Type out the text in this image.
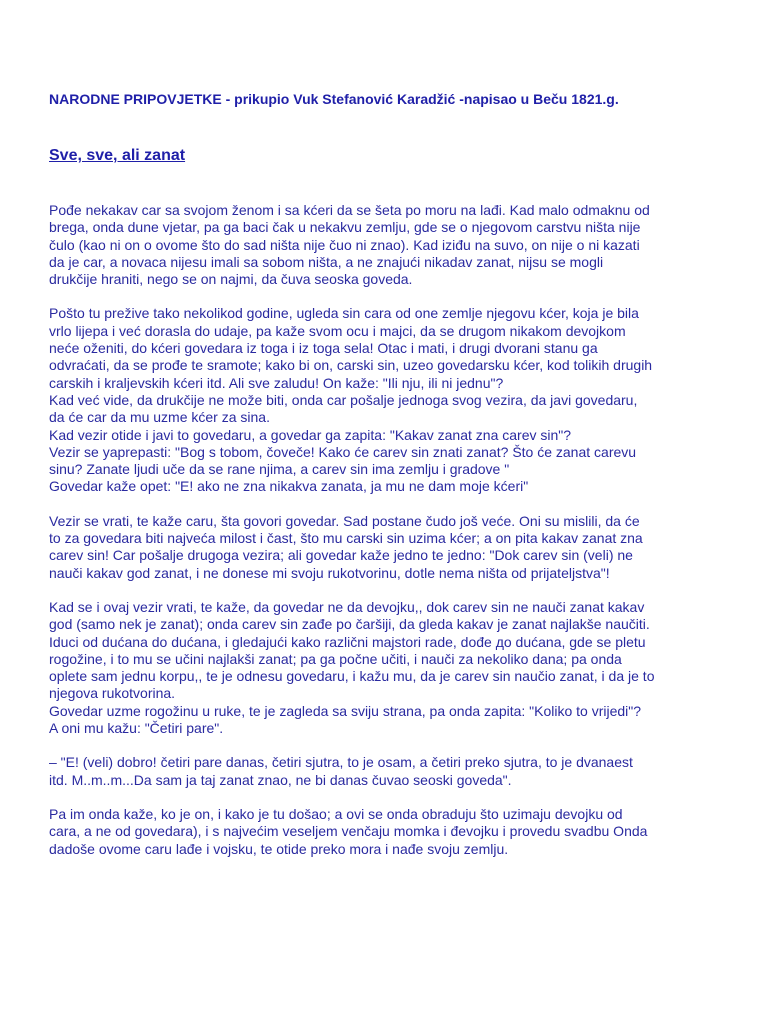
NARODNE PRIPOVJETKE - prikupio Vuk Stefanović Karadžić -napisao u Beču 1821.g.
Sve, sve, ali zanat
Pođe nekakav car sa svojom ženom i sa kćeri da se šeta po moru na lađi. Kad malo odmaknu od
brega, onda dune vjetar, pa ga baci čak u nekakvu zemlju, gde se o njegovom carstvu ništa nije
čulo (kao ni on o ovome što do sad ništa nije čuo ni znao). Kad iziđu na suvo, on nije o ni kazati
da je car, a novaca nijesu imali sa sobom ništa, a ne znajući nikadav zanat, nijsu se mogli
drukčije hraniti, nego se on najmi, da čuva seoska goveda.
Pošto tu prežive tako nekolikod godine, ugleda sin cara od one zemlje njegovu kćer, koja je bila
vrlo lijepa i već dorasla do udaje, pa kaže svom ocu i majci, da se drugom nikakom devojkom
neće oženiti, do kćeri govedara iz toga i iz toga sela! Otac i mati, i drugi dvorani stanu ga
odvraćati, da se prođe te sramote; kako bi on, carski sin, uzeo govedarsku kćer, kod tolikih drugih
carskih i kraljevskih kćeri itd. Ali sve zaludu! On kaže: "Ili nju, ili ni jednu"?
Kad već vide, da drukčije ne može biti, onda car pošalje jednoga svog vezira, da javi govedaru,
da će car da mu uzme kćer za sina.
Kad vezir otide i javi to govedaru, a govedar ga zapita: "Kakav zanat zna carev sin"?
Vezir se yaprepasti: "Bog s tobom, čoveče! Kako će carev sin znati zanat? Što će zanat carevu
sinu? Zanate ljudi uče da se rane njima, a carev sin ima zemlju i gradove "
Govedar kaže opet: "E! ako ne zna nikakva zanata, ja mu ne dam moje kćeri"
Vezir se vrati, te kaže caru, šta govori govedar. Sad postane čudo još veće. Oni su mislili, da će
to za govedara biti najveća milost i čast, što mu carski sin uzima kćer; a on pita kakav zanat zna
carev sin! Car pošalje drugoga vezira; ali govedar kaže jedno te jedno: "Dok carev sin (veli) ne
nauči kakav god zanat, i ne donese mi svoju rukotvorinu, dotle nema ništa od prijateljstva"!
Kad se i ovaj vezir vrati, te kaže, da govedar ne da devojku,, dok carev sin ne nauči zanat kakav
god (samo nek je zanat); onda carev sin zađe po čaršiji, da gleda kakav je zanat najlakše naučiti.
Iduci od dućana do dućana, i gledajući kako različni majstori rade, dođe до dućana, gde se pletu
rogožine, i to mu se učini najlakši zanat; pa ga počne učiti, i nauči za nekoliko dana; pa onda
oplete sam jednu korpu,, te je odnesu govedaru, i kažu mu, da je carev sin naučio zanat, i da je to
njegova rukotvorina.
Govedar uzme rogožinu u ruke, te je zagleda sa sviju strana, pa onda zapita: "Koliko to vrijedi"?
A oni mu kažu: "Četiri pare".
– "E! (veli) dobro! četiri pare danas, četiri sjutra, to je osam, a četiri preko sjutra, to je dvanaest
itd. M..m..m...Da sam ja taj zanat znao, ne bi danas čuvao seoski goveda".
Pa im onda kaže, ko je on, i kako je tu došao; a ovi se onda obraduju što uzimaju devojku od
cara, a ne od govedara), i s najvećim veseljem venčaju momka i đevojku i provedu svadbu Onda
dadoše ovome caru lađe i vojsku, te otide preko mora i nađe svoju zemlju.
